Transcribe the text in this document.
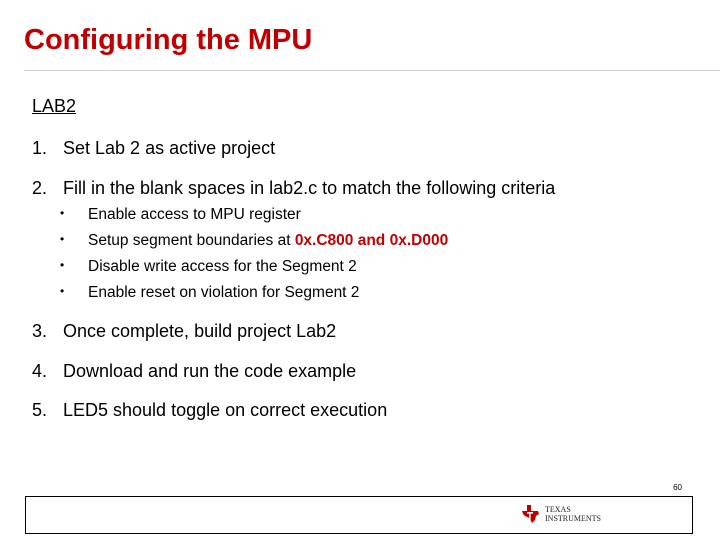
Configuring the MPU
LAB2
1. Set Lab 2 as active project
2. Fill in the blank spaces in lab2.c to match the following criteria
• Enable access to MPU register
• Setup segment boundaries at 0x.C800 and 0x.D000
• Disable write access for the Segment 2
• Enable reset on violation for Segment 2
3. Once complete, build project Lab2
4. Download and run the code example
5. LED5 should toggle on correct execution
60
TEXAS
INSTRUMENTS
